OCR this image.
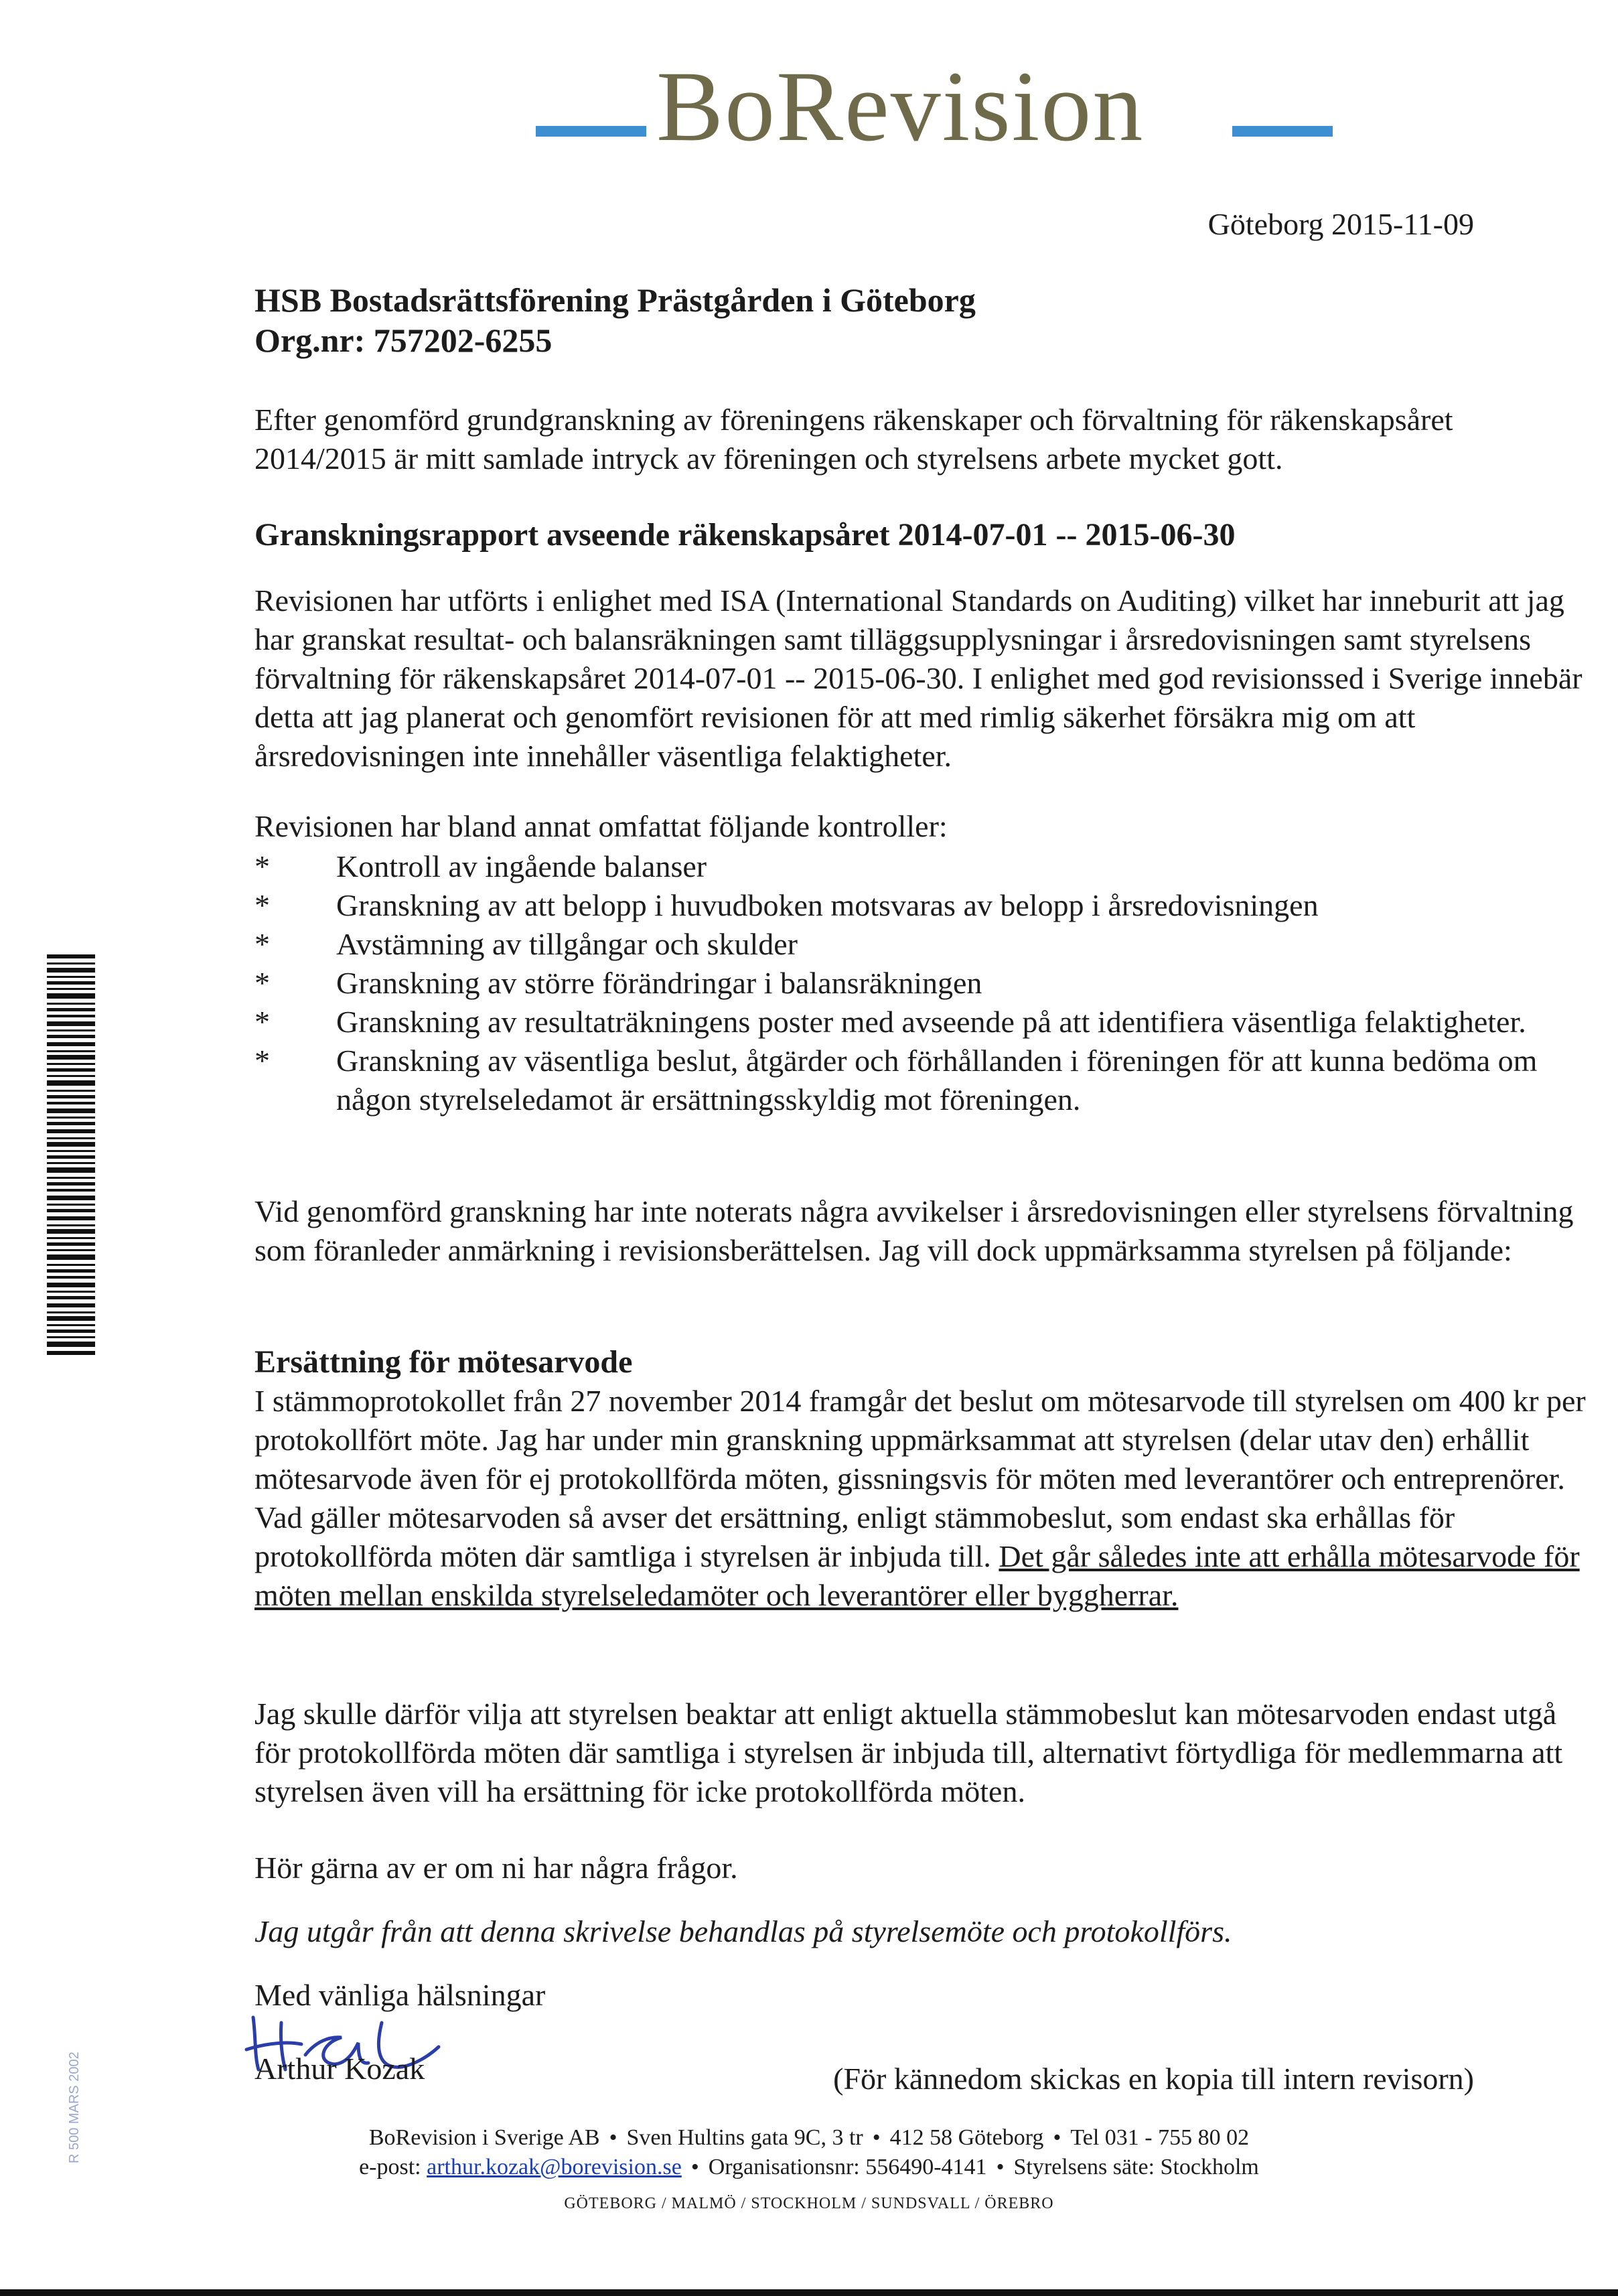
BoRevision
Göteborg 2015-11-09
HSB Bostadsrättsförening Prästgården i Göteborg
Org.nr: 757202-6255

Efter genomförd grundgranskning av föreningens räkenskaper och förvaltning för räkenskapsåret 2014/2015 är mitt samlade intryck av föreningen och styrelsens arbete mycket gott.

Granskningsrapport avseende räkenskapsåret 2014-07-01 -- 2015-06-30

Revisionen har utförts i enlighet med ISA (International Standards on Auditing) vilket har inneburit att jag har granskat resultat- och balansräkningen samt tilläggsupplysningar i årsredovisningen samt styrelsens förvaltning för räkenskapsåret 2014-07-01 -- 2015-06-30. I enlighet med god revisionssed i Sverige innebär detta att jag planerat och genomfört revisionen för att med rimlig säkerhet försäkra mig om att årsredovisningen inte innehåller väsentliga felaktigheter.

Revisionen har bland annat omfattat följande kontroller:

*	Kontroll av ingående balanser
*	Granskning av att belopp i huvudboken motsvaras av belopp i årsredovisningen
*	Avstämning av tillgångar och skulder
*	Granskning av större förändringar i balansräkningen
*	Granskning av resultaträkningens poster med avseende på att identifiera väsentliga felaktigheter.
*	Granskning av väsentliga beslut, åtgärder och förhållanden i föreningen för att kunna bedöma om någon styrelseledamot är ersättningsskyldig mot föreningen.

Vid genomförd granskning har inte noterats några avvikelser i årsredovisningen eller styrelsens förvaltning som föranleder anmärkning i revisionsberättelsen. Jag vill dock uppmärksamma styrelsen på följande:

Ersättning för mötesarvode
I stämmoprotokollet från 27 november 2014 framgår det beslut om mötesarvode till styrelsen om 400 kr per protokollfört möte. Jag har under min granskning uppmärksammat att styrelsen (delar utav den) erhållit mötesarvode även för ej protokollförda möten, gissningsvis för möten med leverantörer och entreprenörer. Vad gäller mötesarvoden så avser det ersättning, enligt stämmobeslut, som endast ska erhållas för protokollförda möten där samtliga i styrelsen är inbjuda till. Det går således inte att erhålla mötesarvode för möten mellan enskilda styrelseledamöter och leverantörer eller byggherrar.

Jag skulle därför vilja att styrelsen beaktar att enligt aktuella stämmobeslut kan mötesarvoden endast utgå för protokollförda möten där samtliga i styrelsen är inbjuda till, alternativt förtydliga för medlemmarna att styrelsen även vill ha ersättning för icke protokollförda möten.

Hör gärna av er om ni har några frågor.

Jag utgår från att denna skrivelse behandlas på styrelsemöte och protokollförs.

Med vänliga hälsningar

Arthur Kozak	(För kännedom skickas en kopia till intern revisorn)

BoRevision i Sverige AB • Sven Hultins gata 9C, 3 tr • 412 58 Göteborg • Tel 031 - 755 80 02
e-post: arthur.kozak@borevision.se • Organisationsnr: 556490-4141 • Styrelsens säte: Stockholm
GÖTEBORG / MALMÖ / STOCKHOLM / SUNDSVALL / ÖREBRO
R 500 MARS 2002
